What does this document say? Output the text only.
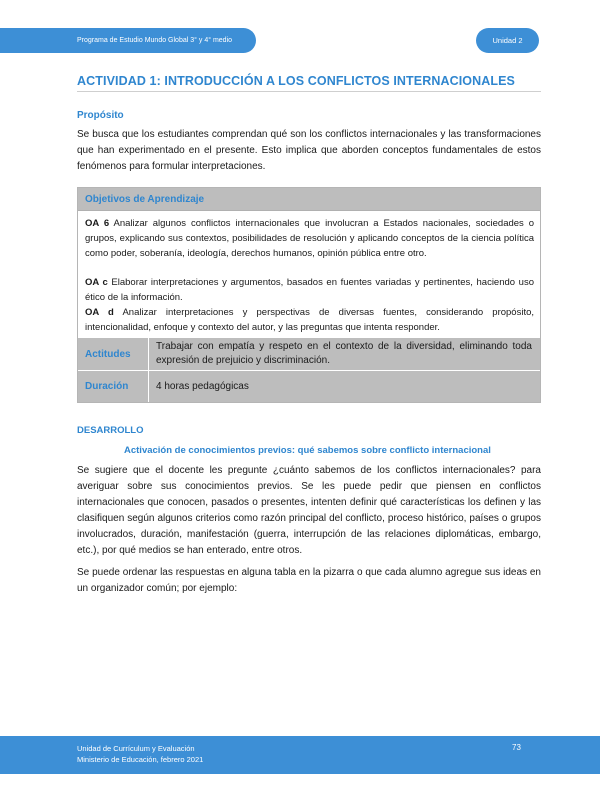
Programa de Estudio Mundo Global 3° y 4° medio	Unidad 2
ACTIVIDAD 1: INTRODUCCIÓN A LOS CONFLICTOS INTERNACIONALES
Propósito

Se busca que los estudiantes comprendan qué son los conflictos internacionales y las transformaciones que han experimentado en el presente. Esto implica que aborden conceptos fundamentales de estos fenómenos para formular interpretaciones.

Objetivos de Aprendizaje

OA 6 Analizar algunos conflictos internacionales que involucran a Estados nacionales, sociedades o grupos, explicando sus contextos, posibilidades de resolución y aplicando conceptos de la ciencia política como poder, soberanía, ideología, derechos humanos, opinión pública entre otro.

OA c Elaborar interpretaciones y argumentos, basados en fuentes variadas y pertinentes, haciendo uso ético de la información.

OA d Analizar interpretaciones y perspectivas de diversas fuentes, considerando propósito, intencionalidad, enfoque y contexto del autor, y las preguntas que intenta responder.

Actitudes
Trabajar con empatía y respeto en el contexto de la diversidad, eliminando toda expresión de prejuicio y discriminación.
Duración	4 horas pedagógicas
DESARROLLO
Activación de conocimientos previos: qué sabemos sobre conflicto internacional

Se sugiere que el docente les pregunte ¿cuánto sabemos de los conflictos internacionales? para averiguar sobre sus conocimientos previos. Se les puede pedir que piensen en conflictos internacionales que conocen, pasados o presentes, intenten definir qué características los definen y las clasifiquen según algunos criterios como razón principal del conflicto, proceso histórico, países o grupos involucrados, duración, manifestación (guerra, interrupción de las relaciones diplomáticas, embargo, etc.), por qué medios se han enterado, entre otros.

Se puede ordenar las respuestas en alguna tabla en la pizarra o que cada alumno agregue sus ideas en un organizador común; por ejemplo:

Unidad de Currículum y Evaluación
Ministerio de Educación, febrero 2021
73
